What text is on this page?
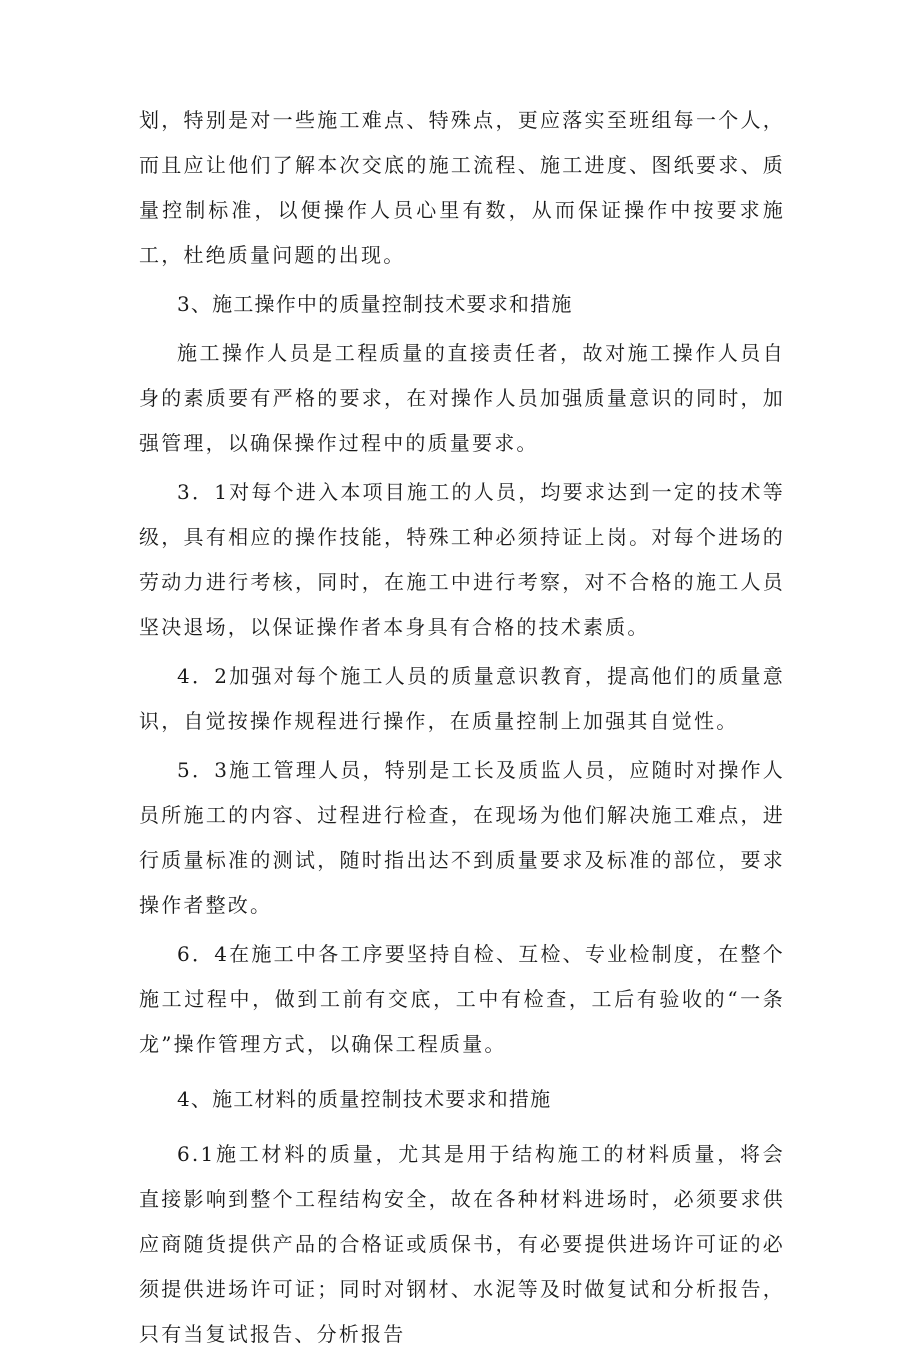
划，特别是对一些施工难点、特殊点，更应落实至班组每一个人，而且应让他们了解本次交底的施工流程、施工进度、图纸要求、质量控制标准，以便操作人员心里有数，从而保证操作中按要求施工，杜绝质量问题的出现。

3、施工操作中的质量控制技术要求和措施

施工操作人员是工程质量的直接责任者，故对施工操作人员自身的素质要有严格的要求，在对操作人员加强质量意识的同时，加强管理，以确保操作过程中的质量要求。

3．1对每个进入本项目施工的人员，均要求达到一定的技术等级，具有相应的操作技能，特殊工种必须持证上岗。对每个进场的劳动力进行考核，同时，在施工中进行考察，对不合格的施工人员坚决退场，以保证操作者本身具有合格的技术素质。

4．2加强对每个施工人员的质量意识教育，提高他们的质量意识，自觉按操作规程进行操作，在质量控制上加强其自觉性。

5．3施工管理人员，特别是工长及质监人员，应随时对操作人员所施工的内容、过程进行检查，在现场为他们解决施工难点，进行质量标准的测试，随时指出达不到质量要求及标准的部位，要求操作者整改。

6．4在施工中各工序要坚持自检、互检、专业检制度，在整个施工过程中，做到工前有交底，工中有检查，工后有验收的“一条龙”操作管理方式，以确保工程质量。

4、施工材料的质量控制技术要求和措施

6.1施工材料的质量，尤其是用于结构施工的材料质量，将会直接影响到整个工程结构安全，故在各种材料进场时，必须要求供应商随货提供产品的合格证或质保书，有必要提供进场许可证的必须提供进场许可证；同时对钢材、水泥等及时做复试和分析报告，只有当复试报告、分析报告
